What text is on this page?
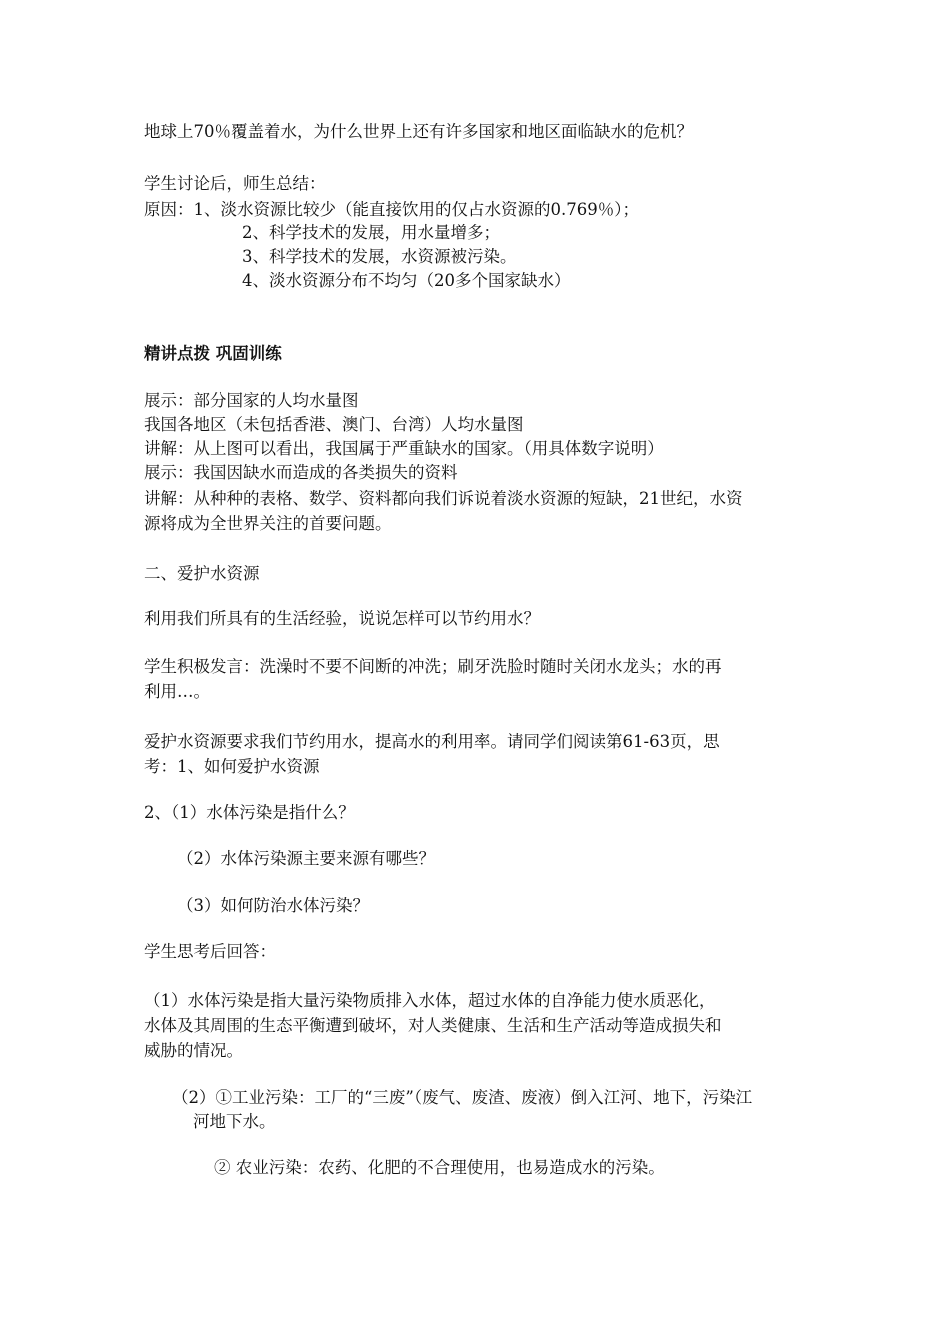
地球上70％覆盖着水，为什么世界上还有许多国家和地区面临缺水的危机？
学生讨论后，师生总结：
原因：1、淡水资源比较少（能直接饮用的仅占水资源的0.769％）；
2、科学技术的发展，用水量增多；
3、科学技术的发展，水资源被污染。
4、淡水资源分布不均匀（20多个国家缺水）
精讲点拨 巩固训练
展示：部分国家的人均水量图
我国各地区（未包括香港、澳门、台湾）人均水量图
讲解：从上图可以看出，我国属于严重缺水的国家。（用具体数字说明）
展示：我国因缺水而造成的各类损失的资料
讲解：从种种的表格、数学、资料都向我们诉说着淡水资源的短缺，21世纪，水资
源将成为全世界关注的首要问题。
二、爱护水资源
利用我们所具有的生活经验，说说怎样可以节约用水？
学生积极发言：洗澡时不要不间断的冲洗；刷牙洗脸时随时关闭水龙头；水的再
利用…。
爱护水资源要求我们节约用水，提高水的利用率。请同学们阅读第61-63页，思
考：1、如何爱护水资源
2、（1）水体污染是指什么？
（2）水体污染源主要来源有哪些？
（3）如何防治水体污染？
学生思考后回答：
（1）水体污染是指大量污染物质排入水体，超过水体的自净能力使水质恶化，
水体及其周围的生态平衡遭到破坏，对人类健康、生活和生产活动等造成损失和
威胁的情况。
（2）①工业污染：工厂的“三废”（废气、废渣、废液）倒入江河、地下，污染江
河地下水。
② 农业污染：农药、化肥的不合理使用，也易造成水的污染。
